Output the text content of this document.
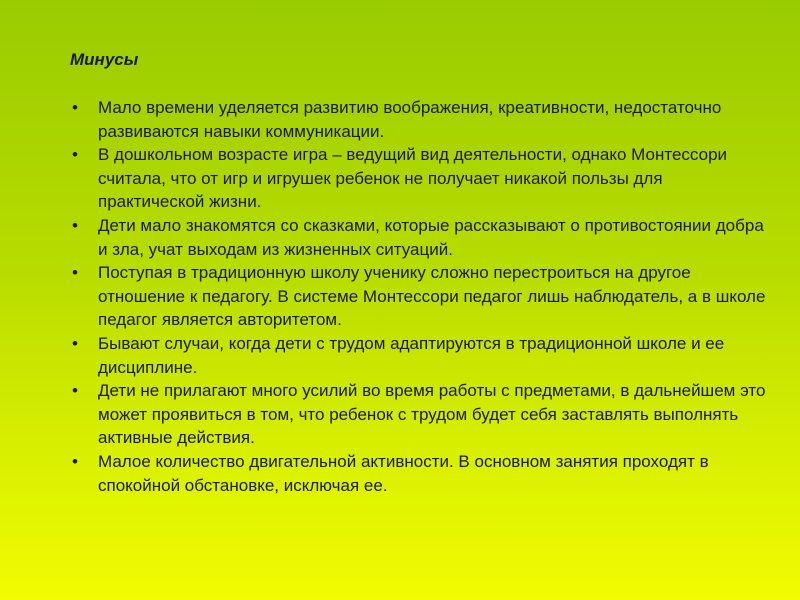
Минусы
• Мало времени уделяется развитию воображения, креативности, недостаточно развиваются навыки коммуникации.
• В дошкольном возрасте игра – ведущий вид деятельности, однако Монтессори считала, что от игр и игрушек ребенок не получает никакой пользы для практической жизни.
• Дети мало знакомятся со сказками, которые рассказывают о противостоянии добра и зла, учат выходам из жизненных ситуаций.
• Поступая в традиционную школу ученику сложно перестроиться на другое отношение к педагогу. В системе Монтессори педагог лишь наблюдатель, а в школе педагог является авторитетом.
• Бывают случаи, когда дети с трудом адаптируются в традиционной школе и ее дисциплине.
• Дети не прилагают много усилий во время работы с предметами, в дальнейшем это может проявиться в том, что ребенок с трудом будет себя заставлять выполнять активные действия.
• Малое количество двигательной активности. В основном занятия проходят в спокойной обстановке, исключая ее.
